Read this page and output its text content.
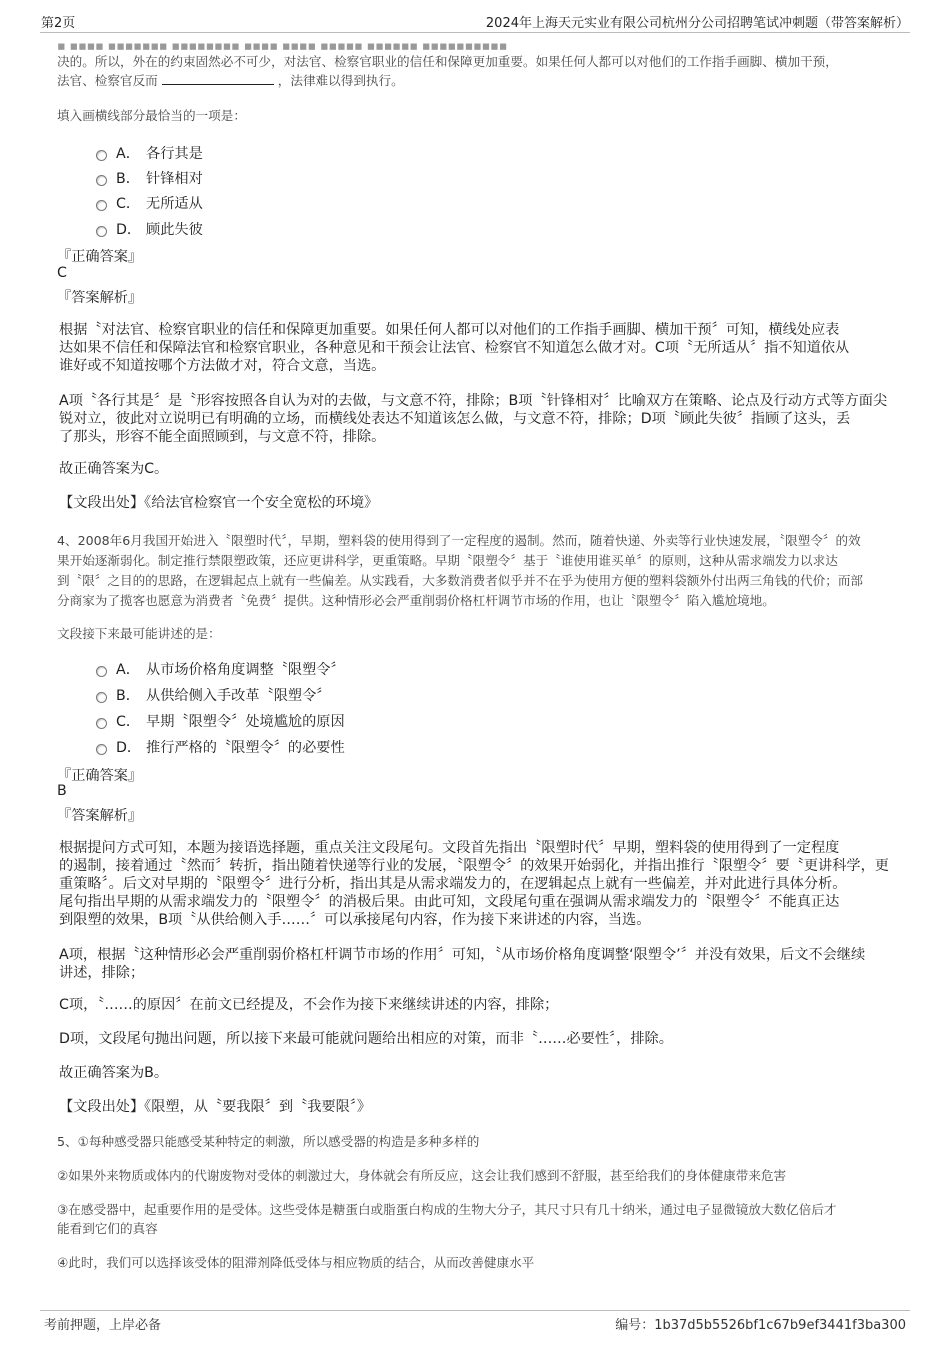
第2页	2024年上海天元实业有限公司杭州分公司招聘笔试冲刺题（带答案解析）
▪ ▪▪▪▪ ▪▪▪▪▪▪▪ ▪▪▪▪▪▪▪▪ ▪▪▪▪ ▪▪▪▪ ▪▪▪▪▪ ▪▪▪▪▪▪ ▪▪▪▪▪▪▪▪▪▪
决的。所以，外在的约束固然必不可少，对法官、检察官职业的信任和保障更加重要。如果任何人都可以对他们的工作指手画脚、横加干预，
法官、检察官反而	，法律难以得到执行。
填入画横线部分最恰当的一项是：
A． 各行其是
B． 针锋相对
C． 无所适从
D． 顾此失彼
『正确答案』
C
『答案解析』
根据〝对法官、检察官职业的信任和保障更加重要。如果任何人都可以对他们的工作指手画脚、横加干预〞可知，横线处应表
达如果不信任和保障法官和检察官职业，各种意见和干预会让法官、检察官不知道怎么做才对。C项〝无所适从〞指不知道依从
谁好或不知道按哪个方法做才对，符合文意，当选。
A项〝各行其是〞是〝形容按照各自认为对的去做，与文意不符，排除；B项〝针锋相对〞比喻双方在策略、论点及行动方式等方面尖
锐对立，彼此对立说明已有明确的立场，而横线处表达不知道该怎么做，与文意不符，排除；D项〝顾此失彼〞指顾了这头，丢
了那头，形容不能全面照顾到，与文意不符，排除。
故正确答案为C。
【文段出处】《给法官检察官一个安全宽松的环境》
4、2008年6月我国开始进入〝限塑时代〞，早期，塑料袋的使用得到了一定程度的遏制。然而，随着快递、外卖等行业快速发展，〝限塑令〞的效
果开始逐渐弱化。制定推行禁限塑政策，还应更讲科学，更重策略。早期〝限塑令〞基于〝谁使用谁买单〞的原则，这种从需求端发力以求达
到〝限〞之目的的思路，在逻辑起点上就有一些偏差。从实践看，大多数消费者似乎并不在乎为使用方便的塑料袋额外付出两三角钱的代价；而部
分商家为了揽客也愿意为消费者〝免费〞提供。这种情形必会严重削弱价格杠杆调节市场的作用，也让〝限塑令〞陷入尴尬境地。
文段接下来最可能讲述的是：
A． 从市场价格角度调整〝限塑令〞
B． 从供给侧入手改革〝限塑令〞
C． 早期〝限塑令〞处境尴尬的原因
D． 推行严格的〝限塑令〞的必要性
『正确答案』
B
『答案解析』
根据提问方式可知，本题为接语选择题，重点关注文段尾句。文段首先指出〝限塑时代〞早期，塑料袋的使用得到了一定程度
的遏制，接着通过〝然而〞转折，指出随着快递等行业的发展，〝限塑令〞的效果开始弱化，并指出推行〝限塑令〞要〝更讲科学，更
重策略〞。后文对早期的〝限塑令〞进行分析，指出其是从需求端发力的，在逻辑起点上就有一些偏差，并对此进行具体分析。
尾句指出早期的从需求端发力的〝限塑令〞的消极后果。由此可知，文段尾句重在强调从需求端发力的〝限塑令〞不能真正达
到限塑的效果，B项〝从供给侧入手……〞可以承接尾句内容，作为接下来讲述的内容，当选。
A项，根据〝这种情形必会严重削弱价格杠杆调节市场的作用〞可知，〝从市场价格角度调整‘限塑令’〞并没有效果，后文不会继续
讲述，排除；
C项，〝……的原因〞在前文已经提及，不会作为接下来继续讲述的内容，排除；
D项，文段尾句抛出问题，所以接下来最可能就问题给出相应的对策，而非〝……必要性〞，排除。
故正确答案为B。
【文段出处】《限塑，从〝要我限〞到〝我要限〞》
5、①每种感受器只能感受某种特定的刺激，所以感受器的构造是多种多样的
②如果外来物质或体内的代谢废物对受体的刺激过大，身体就会有所反应，这会让我们感到不舒服，甚至给我们的身体健康带来危害
③在感受器中，起重要作用的是受体。这些受体是糖蛋白或脂蛋白构成的生物大分子，其尺寸只有几十纳米，通过电子显微镜放大数亿倍后才
能看到它们的真容
④此时，我们可以选择该受体的阻滞剂降低受体与相应物质的结合，从而改善健康水平
考前押题，上岸必备	编号：1b37d5b5526bf1c67b9ef3441f3ba300
